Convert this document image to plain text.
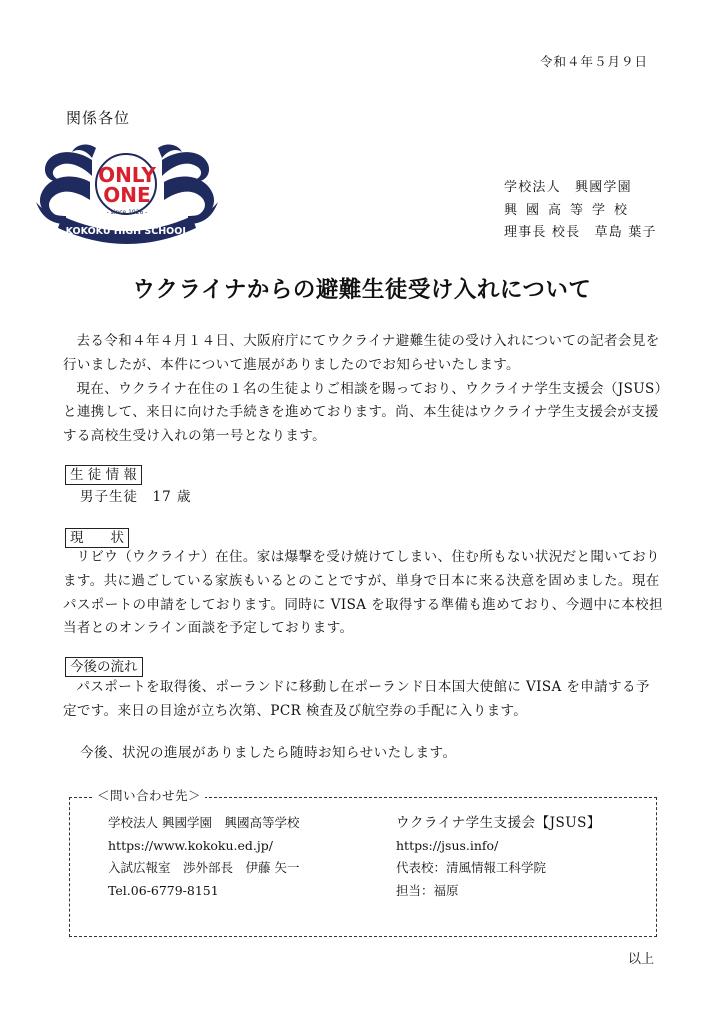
令和４年５月９日
関係各位
KOKOKU HIGH SCHOOL
ONLY
ONE
- since 1926 -
学校法人　興國学園
興國高等学校
理事長 校長　草島 葉子
ウクライナからの避難生徒受け入れについて

去る令和４年４月１４日、大阪府庁にてウクライナ避難生徒の受け入れについての記者会見を行いましたが、本件について進展がありましたのでお知らせいたします。

現在、ウクライナ在住の１名の生徒よりご相談を賜っており、ウクライナ学生支援会（JSUS）と連携して、来日に向けた手続きを進めております。尚、本生徒はウクライナ学生支援会が支援する高校生受け入れの第一号となります。

生 徒 情 報
男子生徒　17 歳
現　　状

リビウ（ウクライナ）在住。家は爆撃を受け焼けてしまい、住む所もない状況だと聞いております。共に過ごしている家族もいるとのことですが、単身で日本に来る決意を固めました。現在パスポートの申請をしております。同時に VISA を取得する準備も進めており、今週中に本校担当者とのオンライン面談を予定しております。

今後の流れ

パスポートを取得後、ポーランドに移動し在ポーランド日本国大使館に VISA を申請する予定です。来日の目途が立ち次第、PCR 検査及び航空券の手配に入ります。

今後、状況の進展がありましたら随時お知らせいたします。
＜問い合わせ先＞
学校法人 興國学園　興國高等学校
https://www.kokoku.ed.jp/
入試広報室　渉外部長　伊藤 矢一
Tel.06-6779-8151
ウクライナ学生支援会【JSUS】
https://jsus.info/
代表校：清風情報工科学院
担当：福原
以上
